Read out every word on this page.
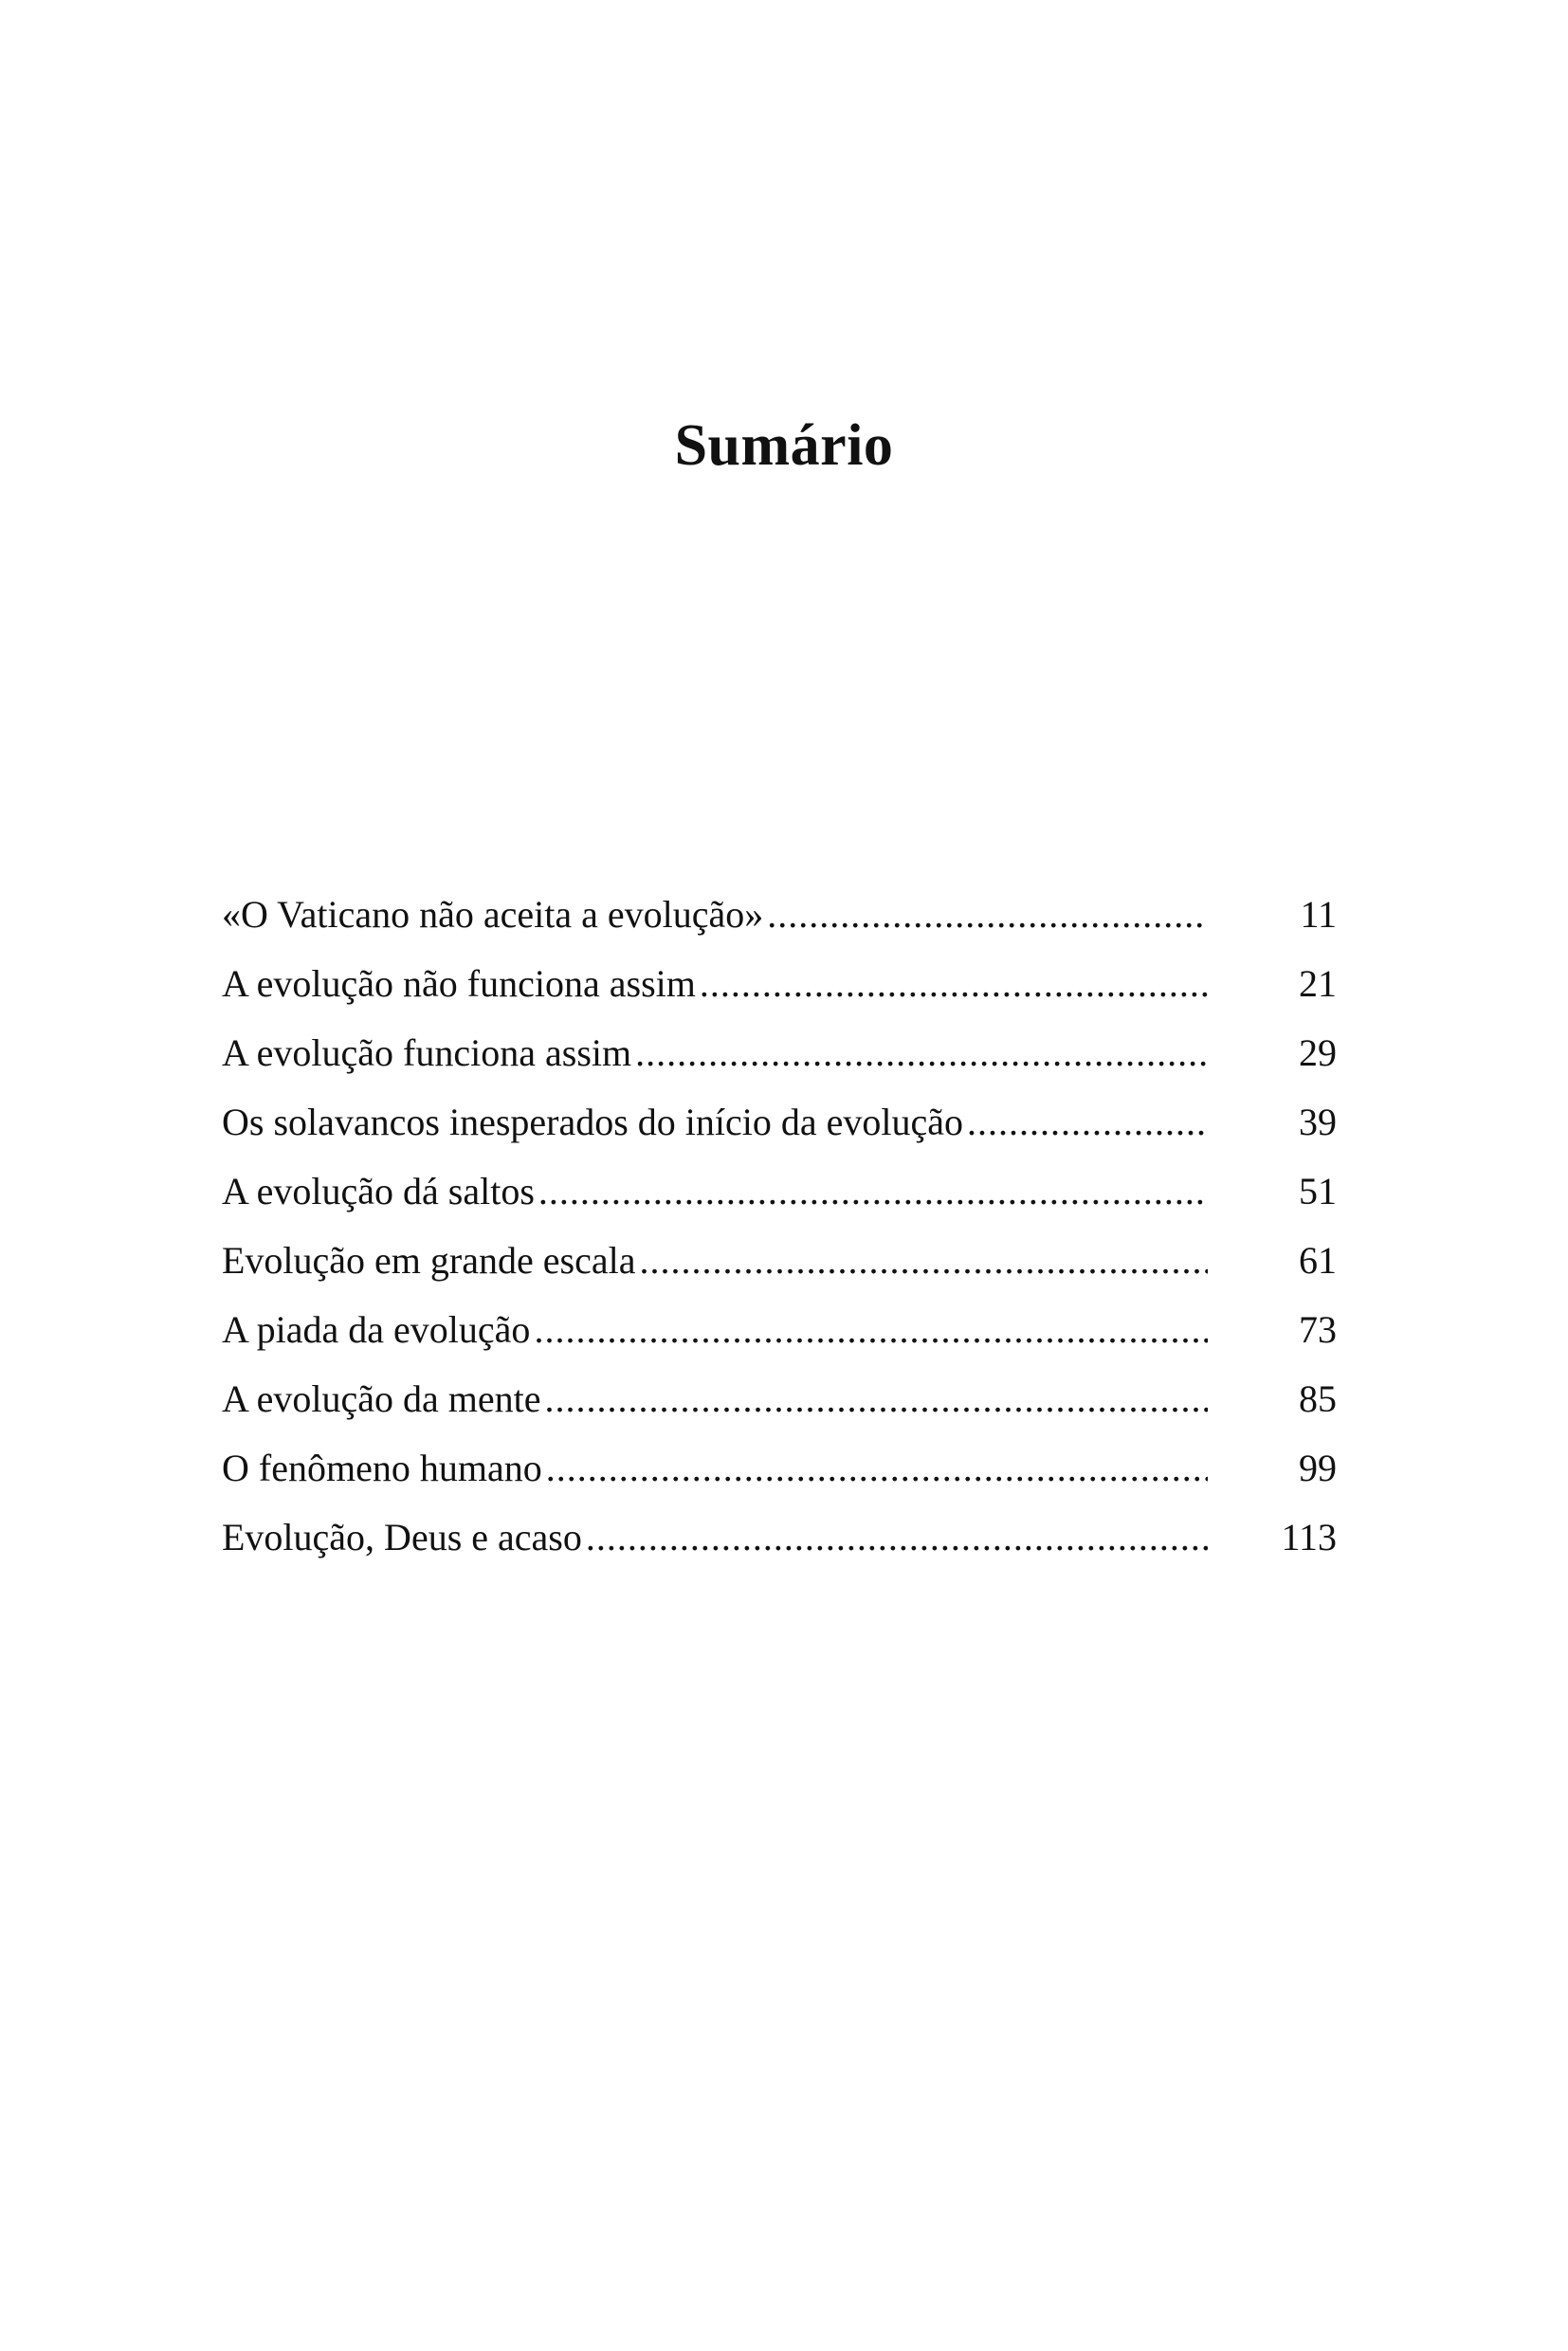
Sumário
«O Vaticano não aceita a evolução» .....	11
A evolução não funciona assim .....	21
A evolução funciona assim .....	29
Os solavancos inesperados do início da evolução .....	39
A evolução dá saltos .....	51
Evolução em grande escala .....	61
A piada da evolução .....	73
A evolução da mente .....	85
O fenômeno humano .....	99
Evolução, Deus e acaso .....	113
